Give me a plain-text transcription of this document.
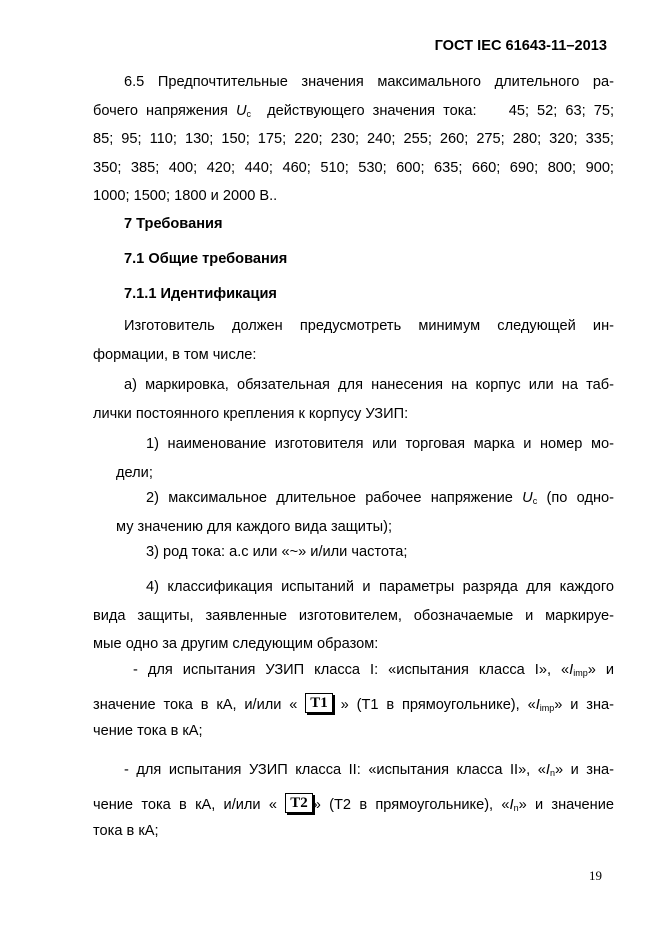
ГОСТ IEC 61643-11–2013
6.5 Предпочтительные значения максимального длительного ра-
бочего напряжения $U_c$  действующего значения тока:    45; 52; 63; 75;
85; 95; 110; 130; 150; 175; 220; 230; 240; 255; 260; 275; 280; 320; 335;
350; 385; 400; 420; 440; 460; 510; 530; 600; 635; 660; 690; 800; 900;
1000; 1500; 1800 и 2000 В..
7 Требования
7.1 Общие требования
7.1.1 Идентификация
Изготовитель должен предусмотреть минимум следующей ин-
формации, в том числе:
а) маркировка, обязательная для нанесения на корпус или на таб-
лички постоянного крепления к корпусу УЗИП:
1) наименование изготовителя или торговая марка и номер мо-
дели;
2) максимальное длительное рабочее напряжение $U_c$ (по одно-
му значению для каждого вида защиты);
3) род тока: а.с или «~» и/или частота;
4) классификация испытаний и параметры разряда для каждого
вида защиты, заявленные изготовителем, обозначаемые и маркируе-
мые одно за другим следующим образом:
- для испытания УЗИП класса I: «испытания класса I», «$I_{imp}$» и
значение тока в кА, и/или « T1 » (Т1 в прямоугольнике), «$I_{imp}$» и зна-
чение тока в кА;
- для испытания УЗИП класса II: «испытания класса II», «$I_n$» и зна-
чение тока в кА, и/или « T2 » (Т2 в прямоугольнике), «$I_n$» и значение
тока в кА;
19
